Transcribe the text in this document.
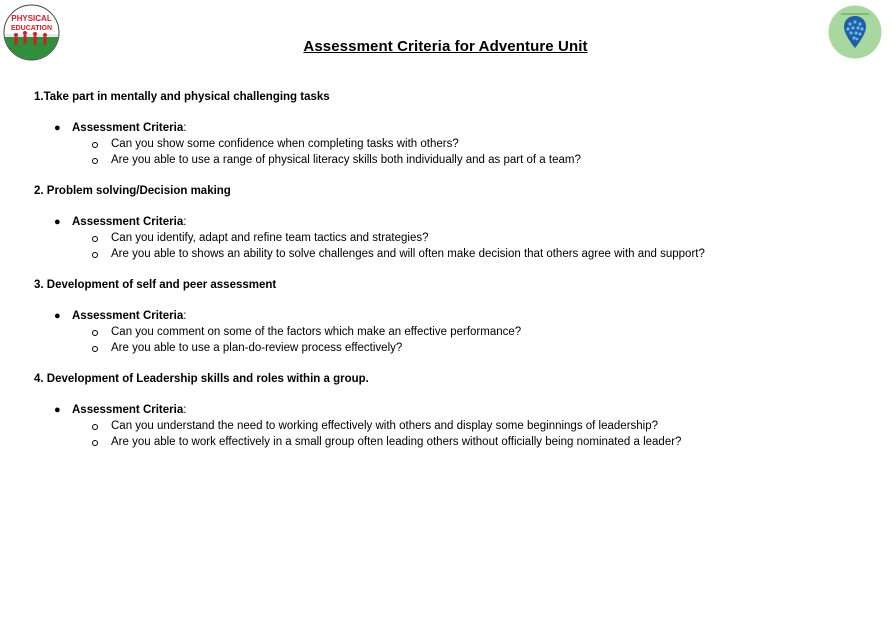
PHYSICAL
EDUCATION
Assessment Criteria for Adventure Unit
1.Take part in mentally and physical challenging tasks
● Assessment Criteria:
Can you show some confidence when completing tasks with others?
Are you able to use a range of physical literacy skills both individually and as part of a team?
2. Problem solving/Decision making
● Assessment Criteria:
Can you identify, adapt and refine team tactics and strategies?
Are you able to shows an ability to solve challenges and will often make decision that others agree with and support?
3. Development of self and peer assessment
● Assessment Criteria:
Can you comment on some of the factors which make an effective performance?
Are you able to use a plan-do-review process effectively?
4. Development of Leadership skills and roles within a group.
● Assessment Criteria:
Can you understand the need to working effectively with others and display some beginnings of leadership?
Are you able to work effectively in a small group often leading others without officially being nominated a leader?
